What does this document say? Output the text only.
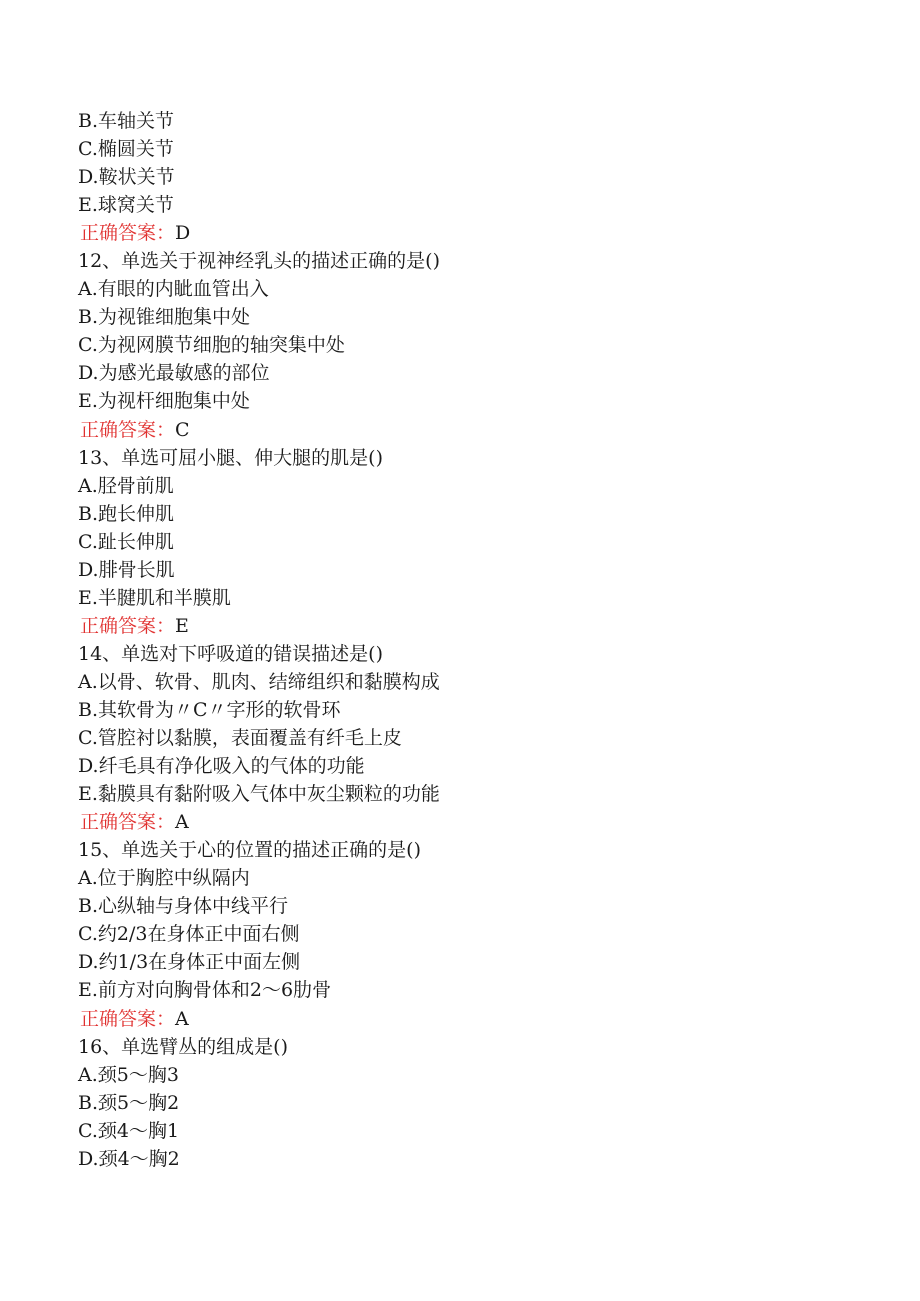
B.车轴关节
C.椭圆关节
D.鞍状关节
E.球窝关节
正确答案：D
12、单选关于视神经乳头的描述正确的是()
A.有眼的内眦血管出入
B.为视锥细胞集中处
C.为视网膜节细胞的轴突集中处
D.为感光最敏感的部位
E.为视杆细胞集中处
正确答案：C
13、单选可屈小腿、伸大腿的肌是()
A.胫骨前肌
B.跑长伸肌
C.趾长伸肌
D.腓骨长肌
E.半腱肌和半膜肌
正确答案：E
14、单选对下呼吸道的错误描述是()
A.以骨、软骨、肌肉、结缔组织和黏膜构成
B.其软骨为〃C〃字形的软骨环
C.管腔衬以黏膜，表面覆盖有纤毛上皮
D.纤毛具有净化吸入的气体的功能
E.黏膜具有黏附吸入气体中灰尘颗粒的功能
正确答案：A
15、单选关于心的位置的描述正确的是()
A.位于胸腔中纵隔内
B.心纵轴与身体中线平行
C.约2/3在身体正中面右侧
D.约1/3在身体正中面左侧
E.前方对向胸骨体和2～6肋骨
正确答案：A
16、单选臂丛的组成是()
A.颈5～胸3
B.颈5～胸2
C.颈4～胸1
D.颈4～胸2
